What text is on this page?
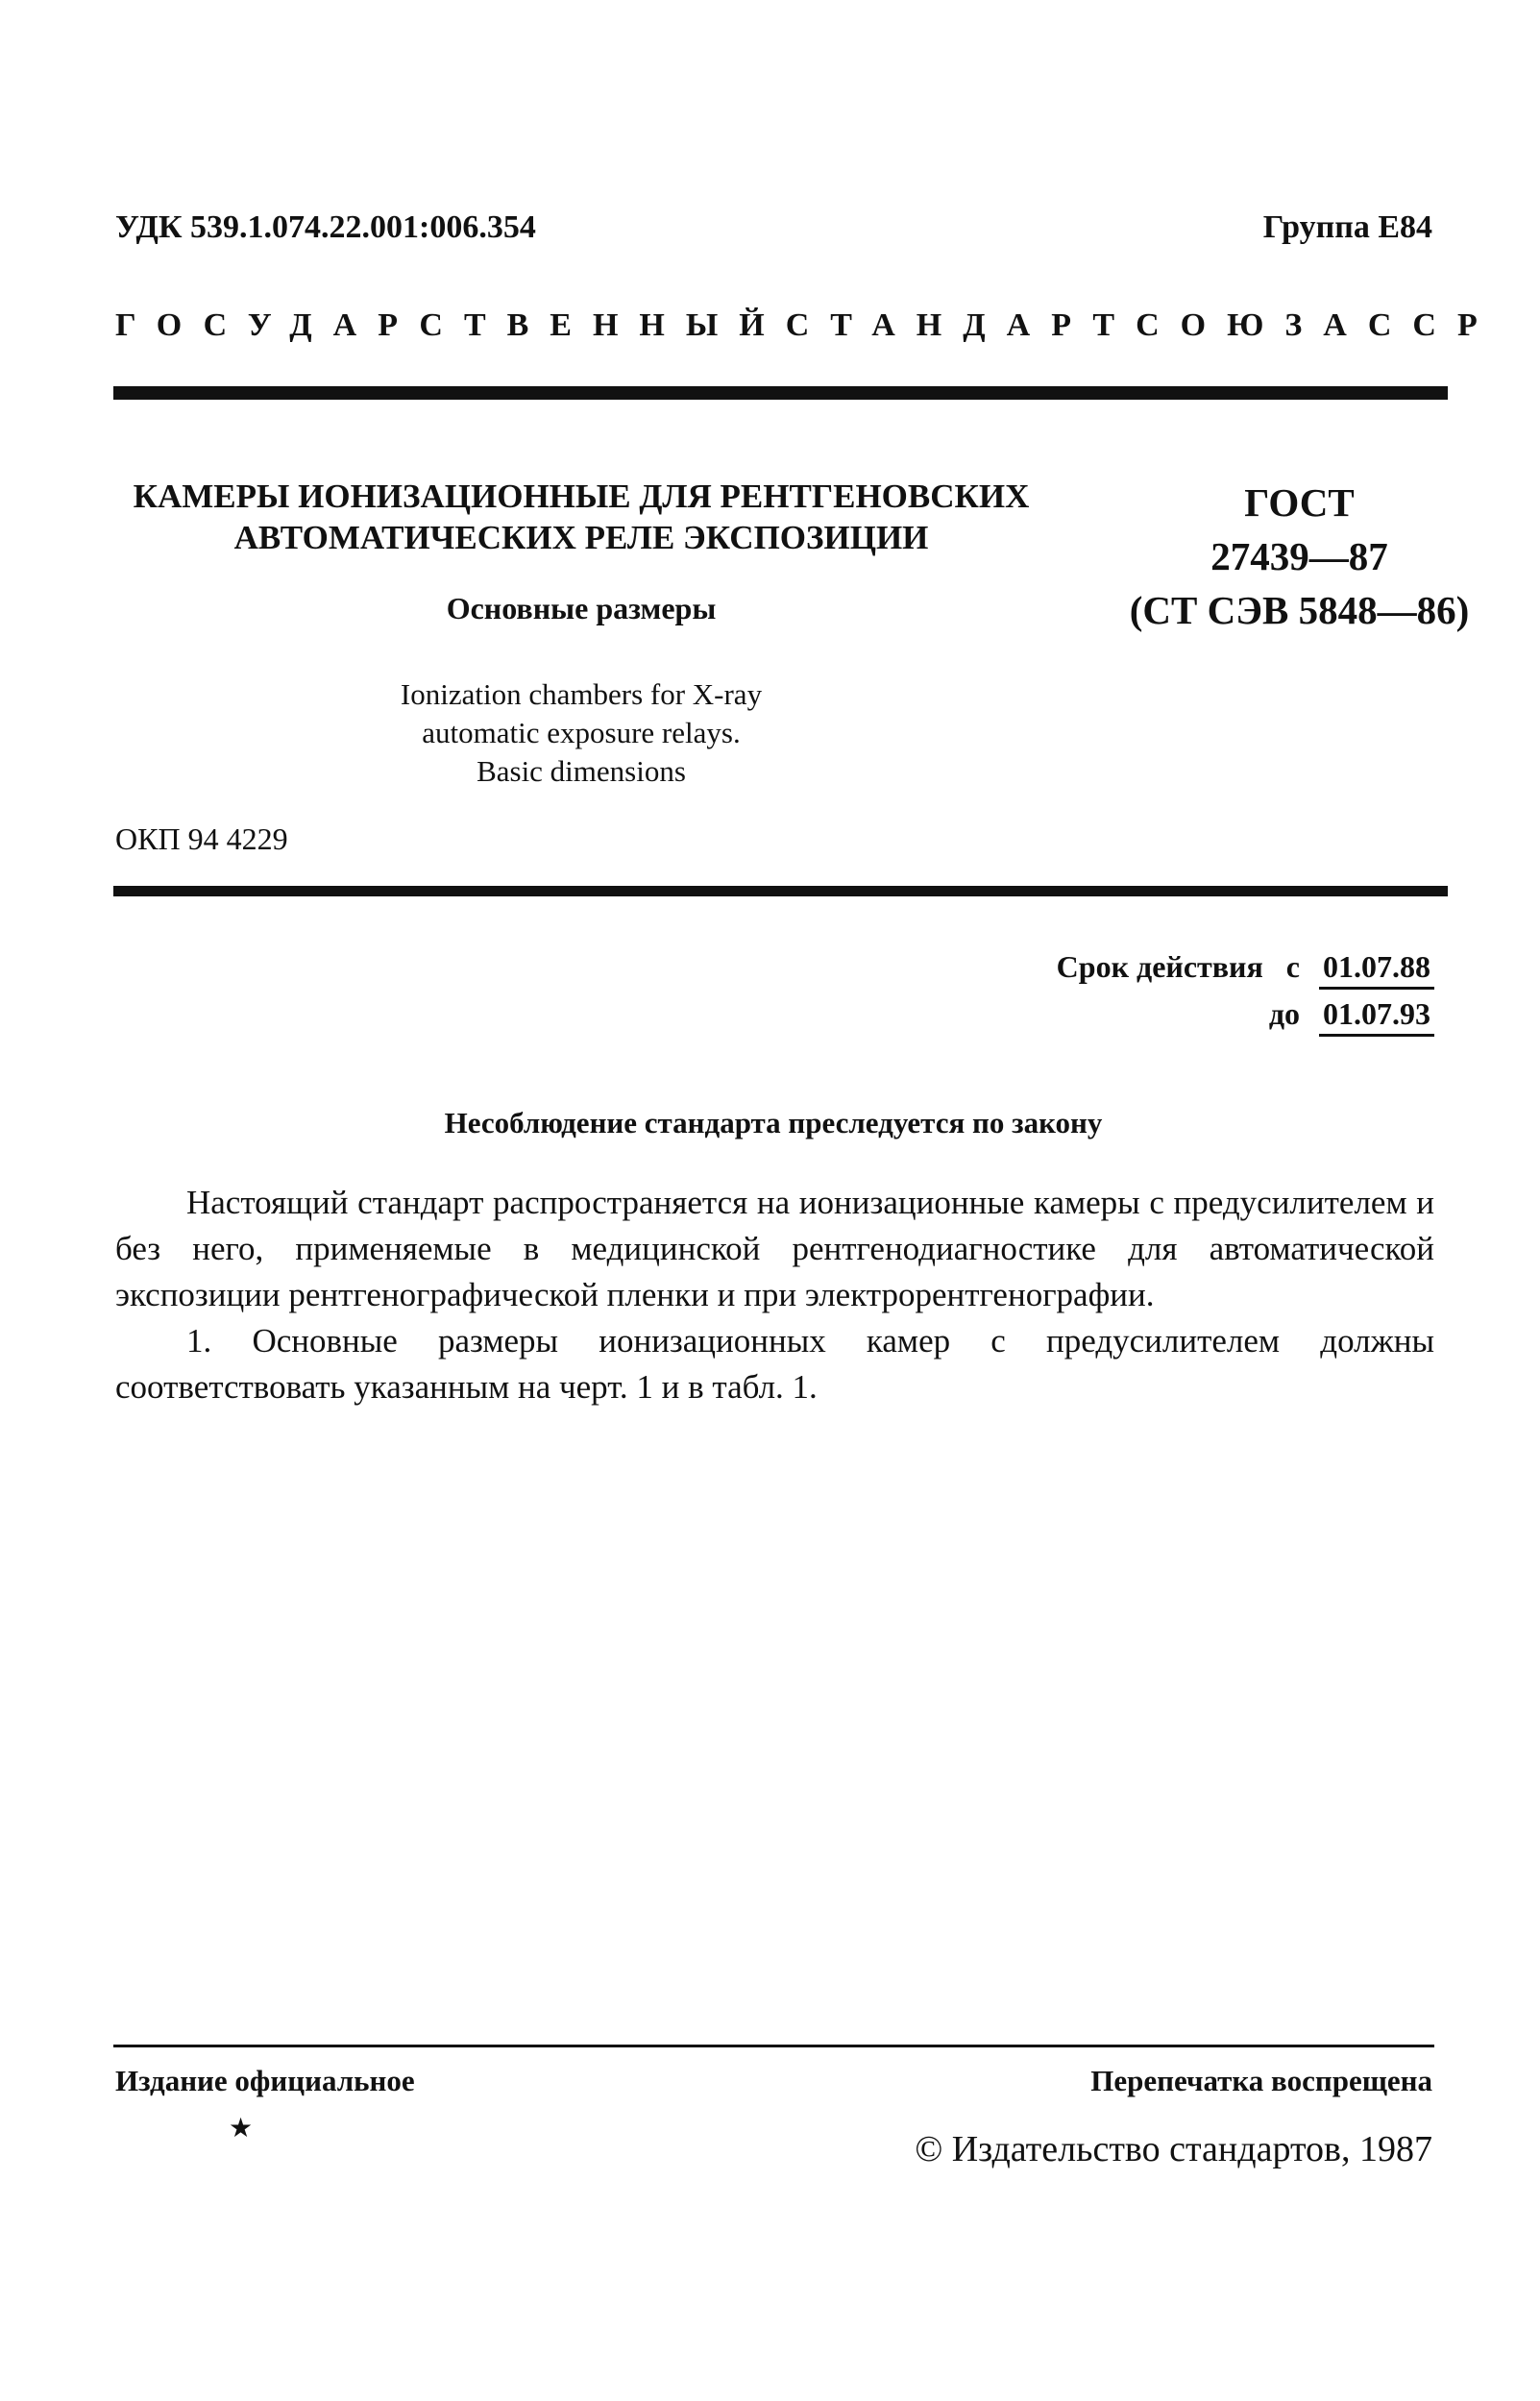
УДК 539.1.074.22.001:006.354	Группа Е84
ГОСУДАРСТВЕННЫЙ СТАНДАРТ СОЮЗА ССР
КАМЕРЫ ИОНИЗАЦИОННЫЕ ДЛЯ РЕНТГЕНОВСКИХ
АВТОМАТИЧЕСКИХ РЕЛЕ ЭКСПОЗИЦИИ
ГОСТ
27439—87
(СТ СЭВ 5848—86)
Основные размеры
Ionization chambers for X-ray
automatic exposure relays.
Basic dimensions
ОКП 94 4229
Срок действия с 01.07.88
до 01.07.93
Несоблюдение стандарта преследуется по закону

Настоящий стандарт распространяется на ионизационные камеры с предусилителем и без него, применяемые в медицинской рентгенодиагностике для автоматической экспозиции рентгенографической пленки и при электрорентгенографии.

1. Основные размеры ионизационных камер с предусилителем должны соответствовать указанным на черт. 1 и в табл. 1.

Издание официальное	Перепечатка воспрещена
★
© Издательство стандартов, 1987
